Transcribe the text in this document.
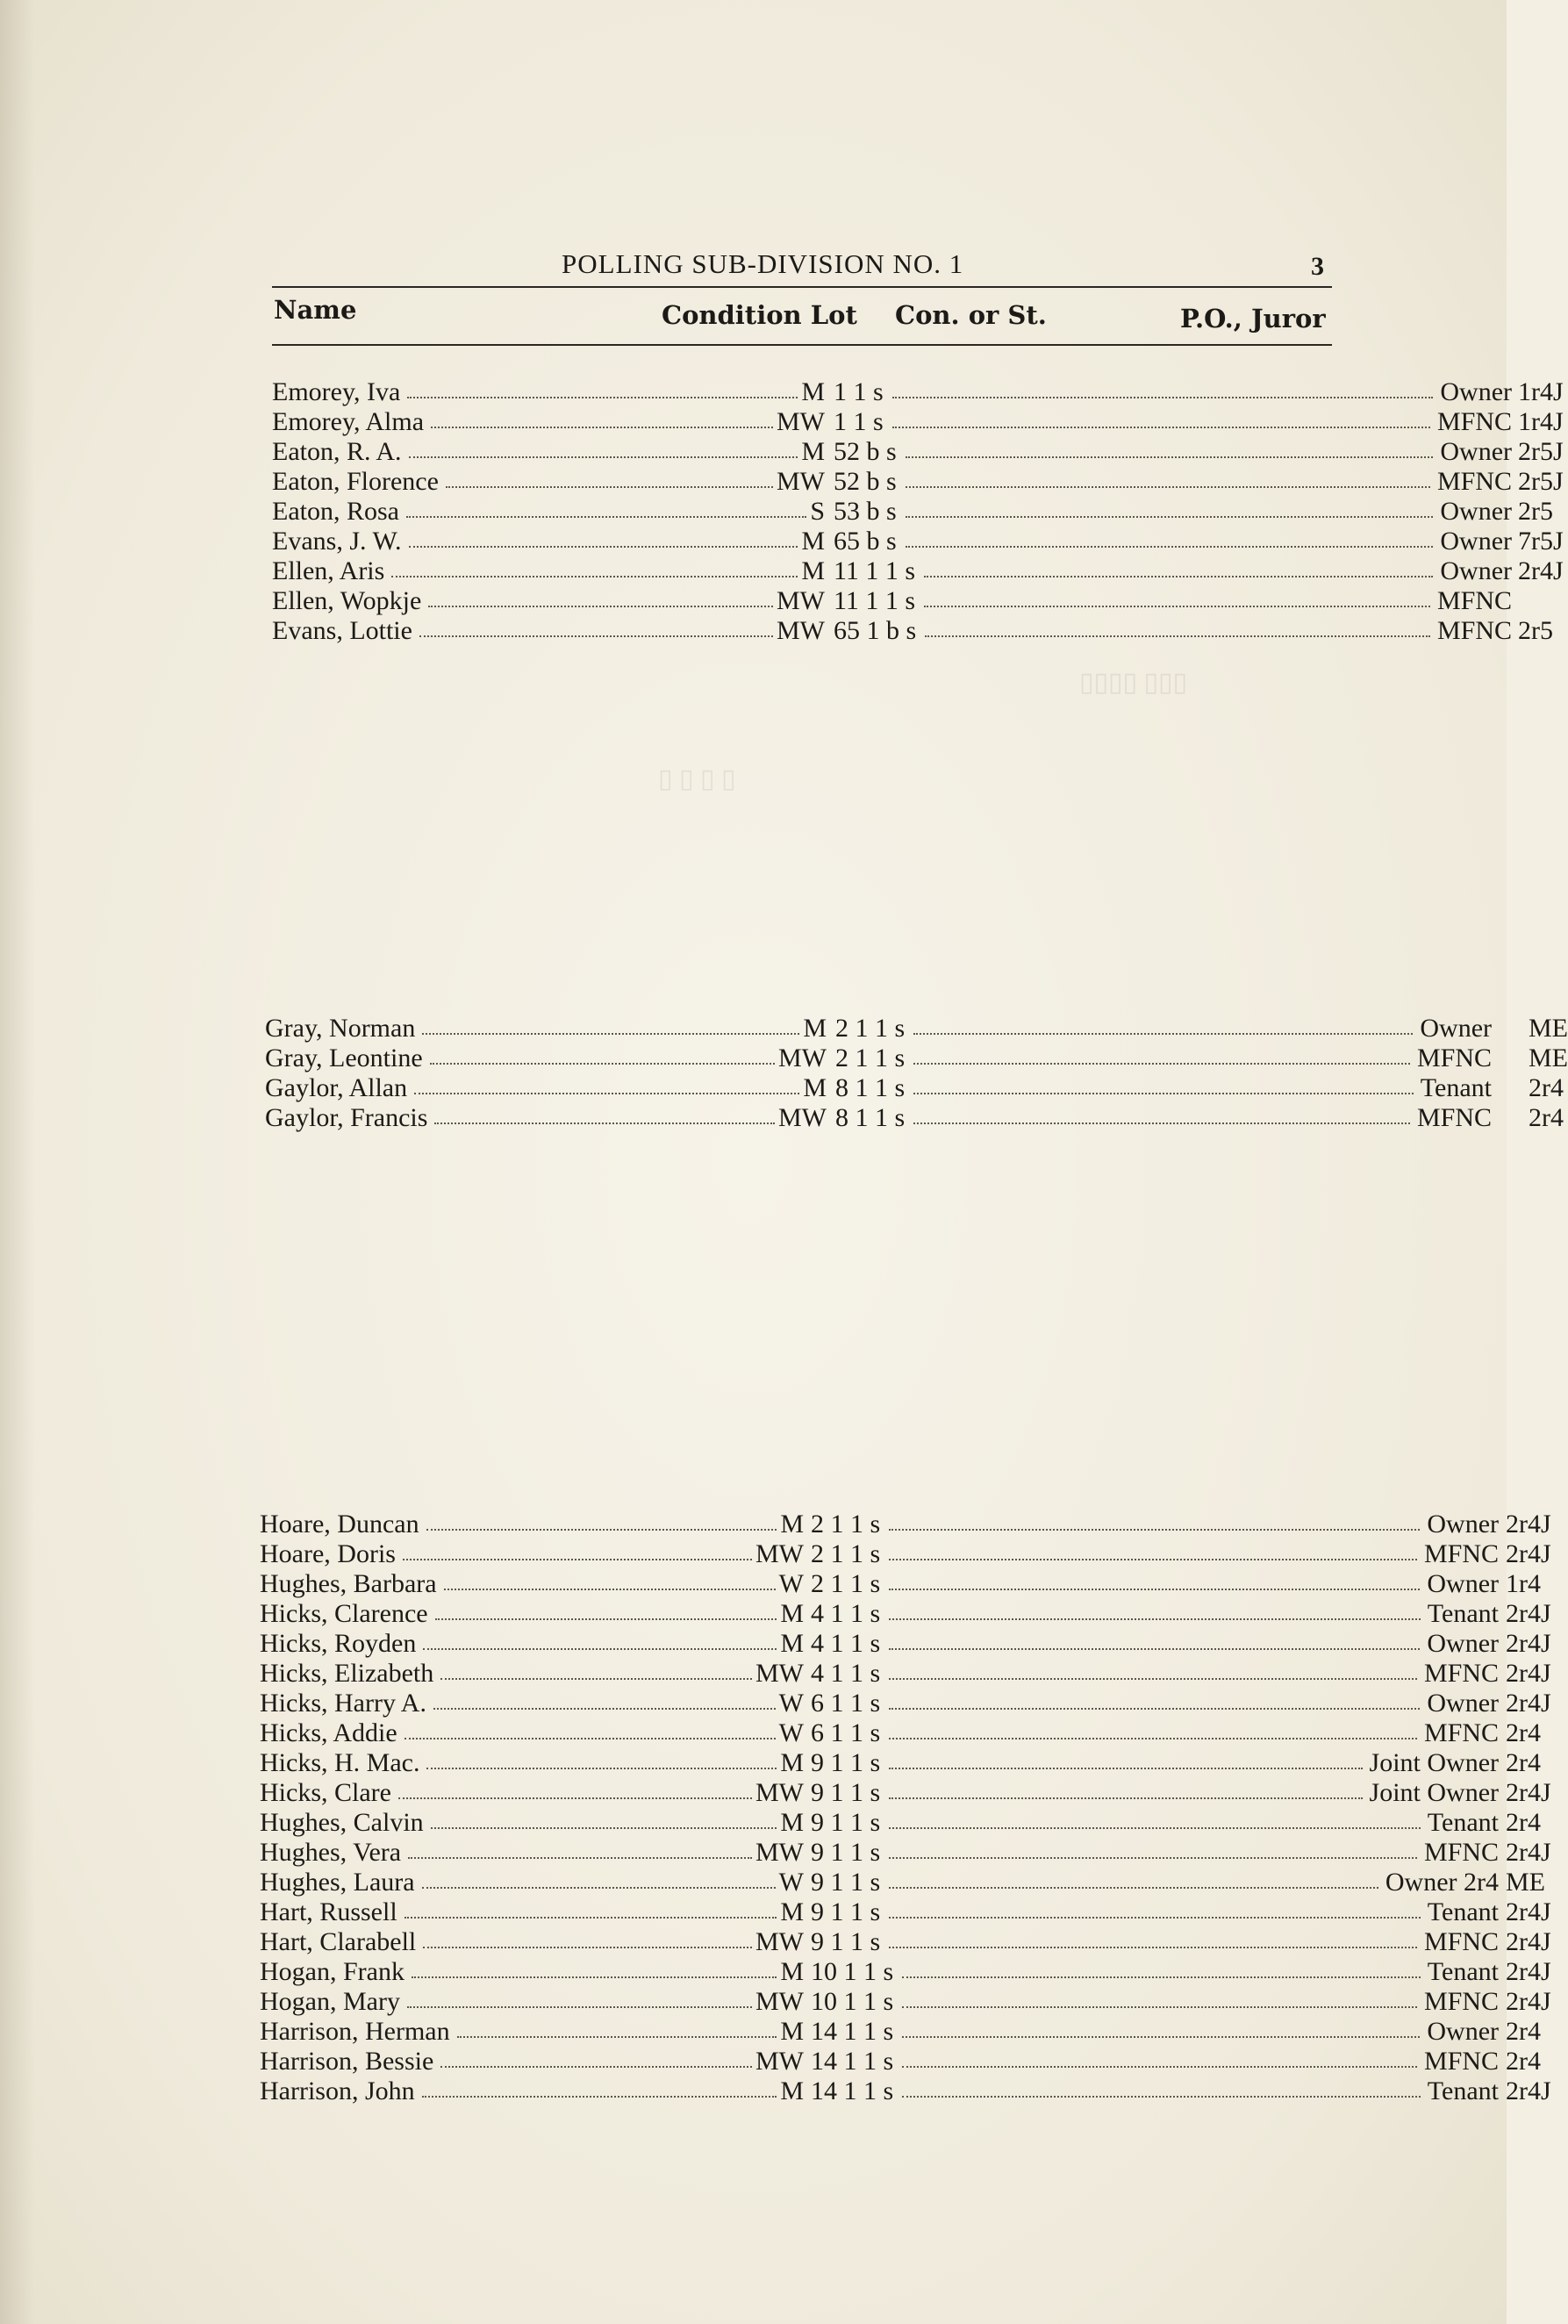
▯▯▯▯ ▯▯▯
▯ ▯ ▯ ▯
POLLING SUB-DIVISION NO. 1	3
Name	Condition Lot Con. or St.	P.O., Juror
Emorey, Iva	M 1 1 s	Owner 1r4J
Emorey, Alma	MW 1 1 s	MFNC 1r4J
Eaton, R. A.	M 52 b s	Owner 2r5J
Eaton, Florence	MW 52 b s	MFNC 2r5J
Eaton, Rosa	S 53 b s	Owner 2r5
Evans, J. W.	M 65 b s	Owner 7r5J
Ellen, Aris	M 11 1 1 s	Owner 2r4J
Ellen, Wopkje	MW 11 1 1 s	MFNC
Evans, Lottie	MW 65 1 b s	MFNC 2r5
Gray, Norman	M 2 1 1 s	Owner ME
Gray, Leontine	MW 2 1 1 s	MFNC ME
Gaylor, Allan	M 8 1 1 s	Tenant 2r4
Gaylor, Francis	MW 8 1 1 s	MFNC 2r4
Hoare, Duncan	M 2 1 1 s	Owner 2r4J
Hoare, Doris	MW 2 1 1 s	MFNC 2r4J
Hughes, Barbara	W 2 1 1 s	Owner 1r4
Hicks, Clarence	M 4 1 1 s	Tenant 2r4J
Hicks, Royden	M 4 1 1 s	Owner 2r4J
Hicks, Elizabeth	MW 4 1 1 s	MFNC 2r4J
Hicks, Harry A.	W 6 1 1 s	Owner 2r4J
Hicks, Addie	W 6 1 1 s	MFNC 2r4
Hicks, H. Mac.	M 9 1 1 s	Joint Owner 2r4
Hicks, Clare	MW 9 1 1 s	Joint Owner 2r4J
Hughes, Calvin	M 9 1 1 s	Tenant 2r4
Hughes, Vera	MW 9 1 1 s	MFNC 2r4J
Hughes, Laura	W 9 1 1 s	Owner 2r4 ME
Hart, Russell	M 9 1 1 s	Tenant 2r4J
Hart, Clarabell	MW 9 1 1 s	MFNC 2r4J
Hogan, Frank	M 10 1 1 s	Tenant 2r4J
Hogan, Mary	MW 10 1 1 s	MFNC 2r4J
Harrison, Herman	M 14 1 1 s	Owner 2r4
Harrison, Bessie	MW 14 1 1 s	MFNC 2r4
Harrison, John	M 14 1 1 s	Tenant 2r4J
